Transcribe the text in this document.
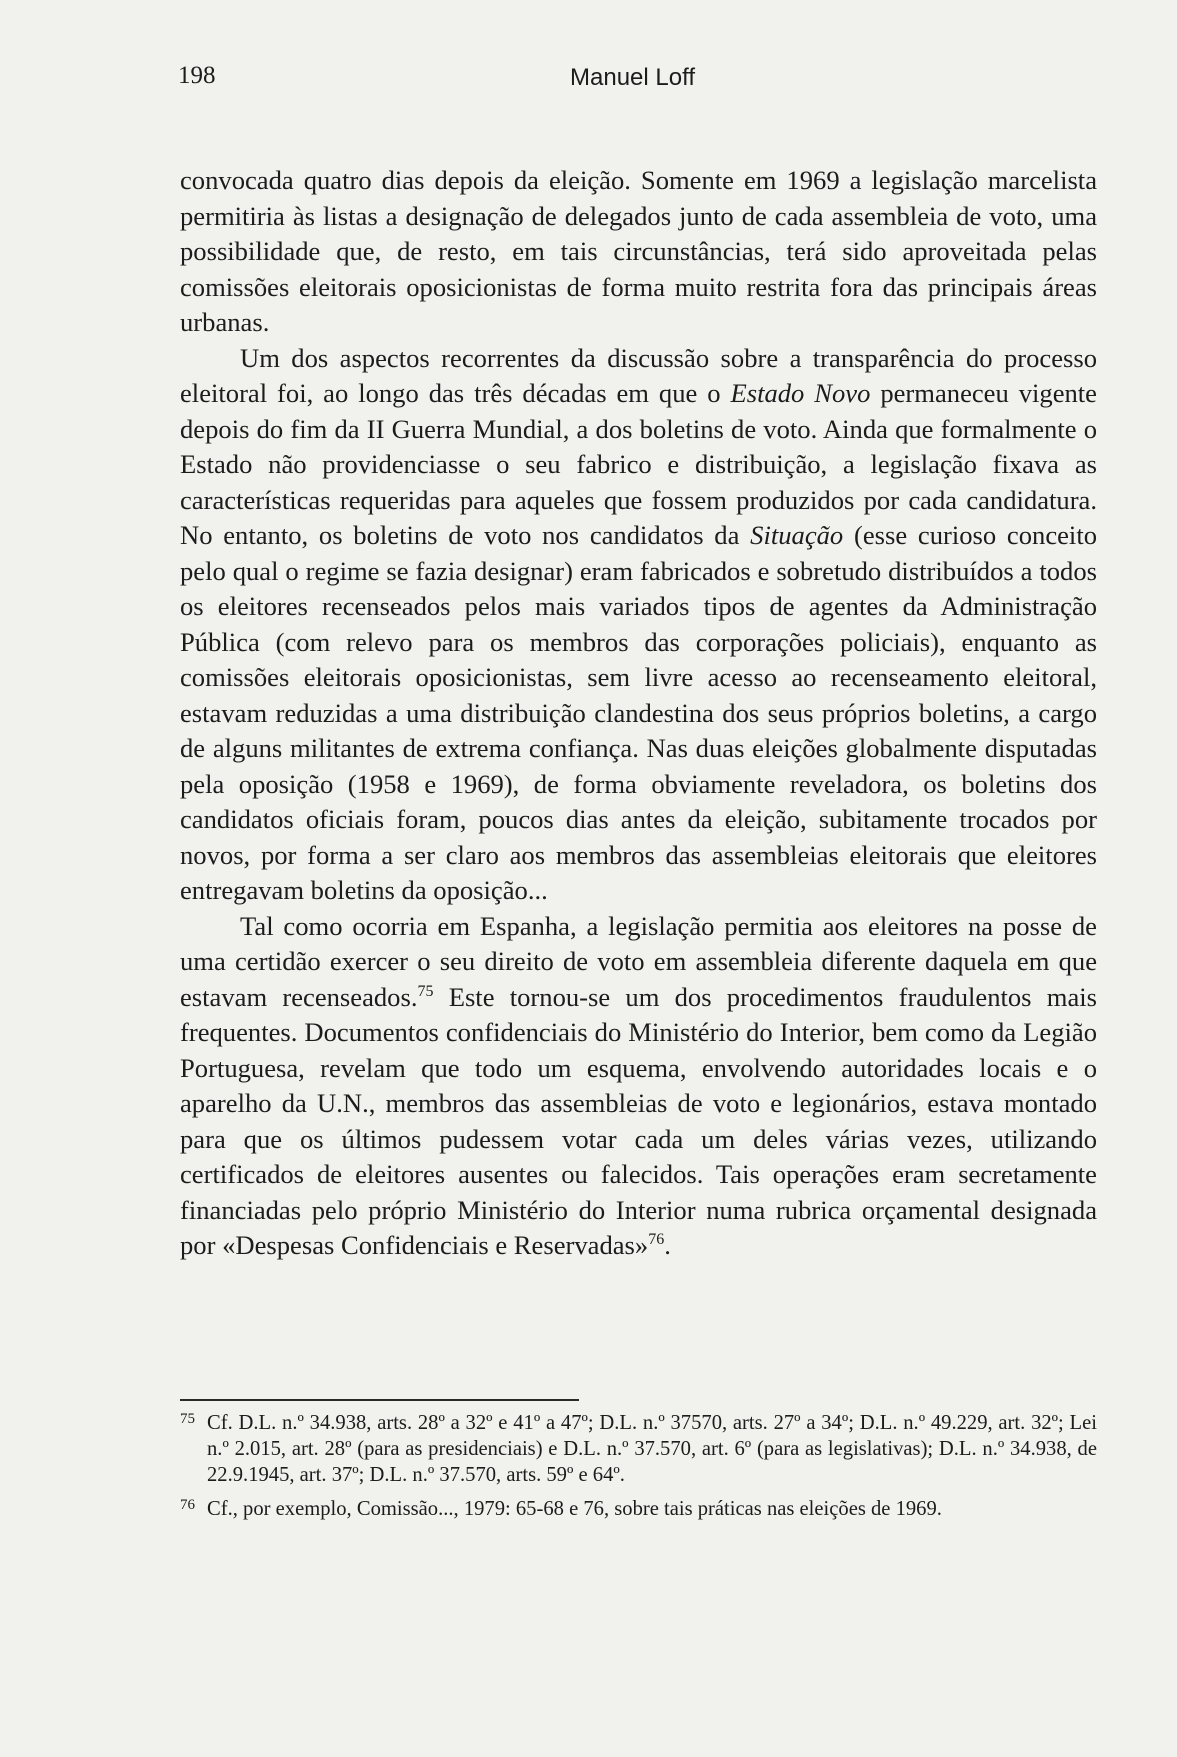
198	Manuel Loff

convocada quatro dias depois da eleição. Somente em 1969 a legislação marcelista permitiria às listas a designação de delegados junto de cada assembleia de voto, uma possibilidade que, de resto, em tais circunstâncias, terá sido aproveitada pelas comissões eleitorais oposicionistas de forma muito restrita fora das principais áreas urbanas.

Um dos aspectos recorrentes da discussão sobre a transparência do processo eleitoral foi, ao longo das três décadas em que o Estado Novo permaneceu vigente depois do fim da II Guerra Mundial, a dos boletins de voto. Ainda que formalmente o Estado não providenciasse o seu fabrico e distribuição, a legislação fixava as características requeridas para aqueles que fossem produzidos por cada candidatura. No entanto, os boletins de voto nos candidatos da Situação (esse curioso conceito pelo qual o regime se fazia designar) eram fabricados e sobretudo distribuídos a todos os eleitores recenseados pelos mais variados tipos de agentes da Administração Pública (com relevo para os membros das corporações policiais), enquanto as comissões eleitorais oposicionistas, sem livre acesso ao recenseamento eleitoral, estavam reduzidas a uma distribuição clandestina dos seus próprios boletins, a cargo de alguns militantes de extrema confiança. Nas duas eleições globalmente disputadas pela oposição (1958 e 1969), de forma obviamente reveladora, os boletins dos candidatos oficiais foram, poucos dias antes da eleição, subitamente trocados por novos, por forma a ser claro aos membros das assembleias eleitorais que eleitores entregavam boletins da oposição...

Tal como ocorria em Espanha, a legislação permitia aos eleitores na posse de uma certidão exercer o seu direito de voto em assembleia diferente daquela em que estavam recenseados.$^{75}$ Este tornou-se um dos procedimentos fraudulentos mais frequentes. Documentos confidenciais do Ministério do Interior, bem como da Legião Portuguesa, revelam que todo um esquema, envolvendo autoridades locais e o aparelho da U.N., membros das assembleias de voto e legionários, estava montado para que os últimos pudessem votar cada um deles várias vezes, utilizando certificados de eleitores ausentes ou falecidos. Tais operações eram secretamente financiadas pelo próprio Ministério do Interior numa rubrica orçamental designada por «Despesas Confidenciais e Reservadas»$^{76}$.

75 Cf. D.L. n.º 34.938, arts. 28º a 32º e 41º a 47º; D.L. n.º 37570, arts. 27º a 34º; D.L. n.º 49.229, art. 32º; Lei n.º 2.015, art. 28º (para as presidenciais) e D.L. n.º 37.570, art. 6º (para as legislativas); D.L. n.º 34.938, de 22.9.1945, art. 37º; D.L. n.º 37.570, arts. 59º e 64º.
76 Cf., por exemplo, Comissão..., 1979: 65-68 e 76, sobre tais práticas nas eleições de 1969.
